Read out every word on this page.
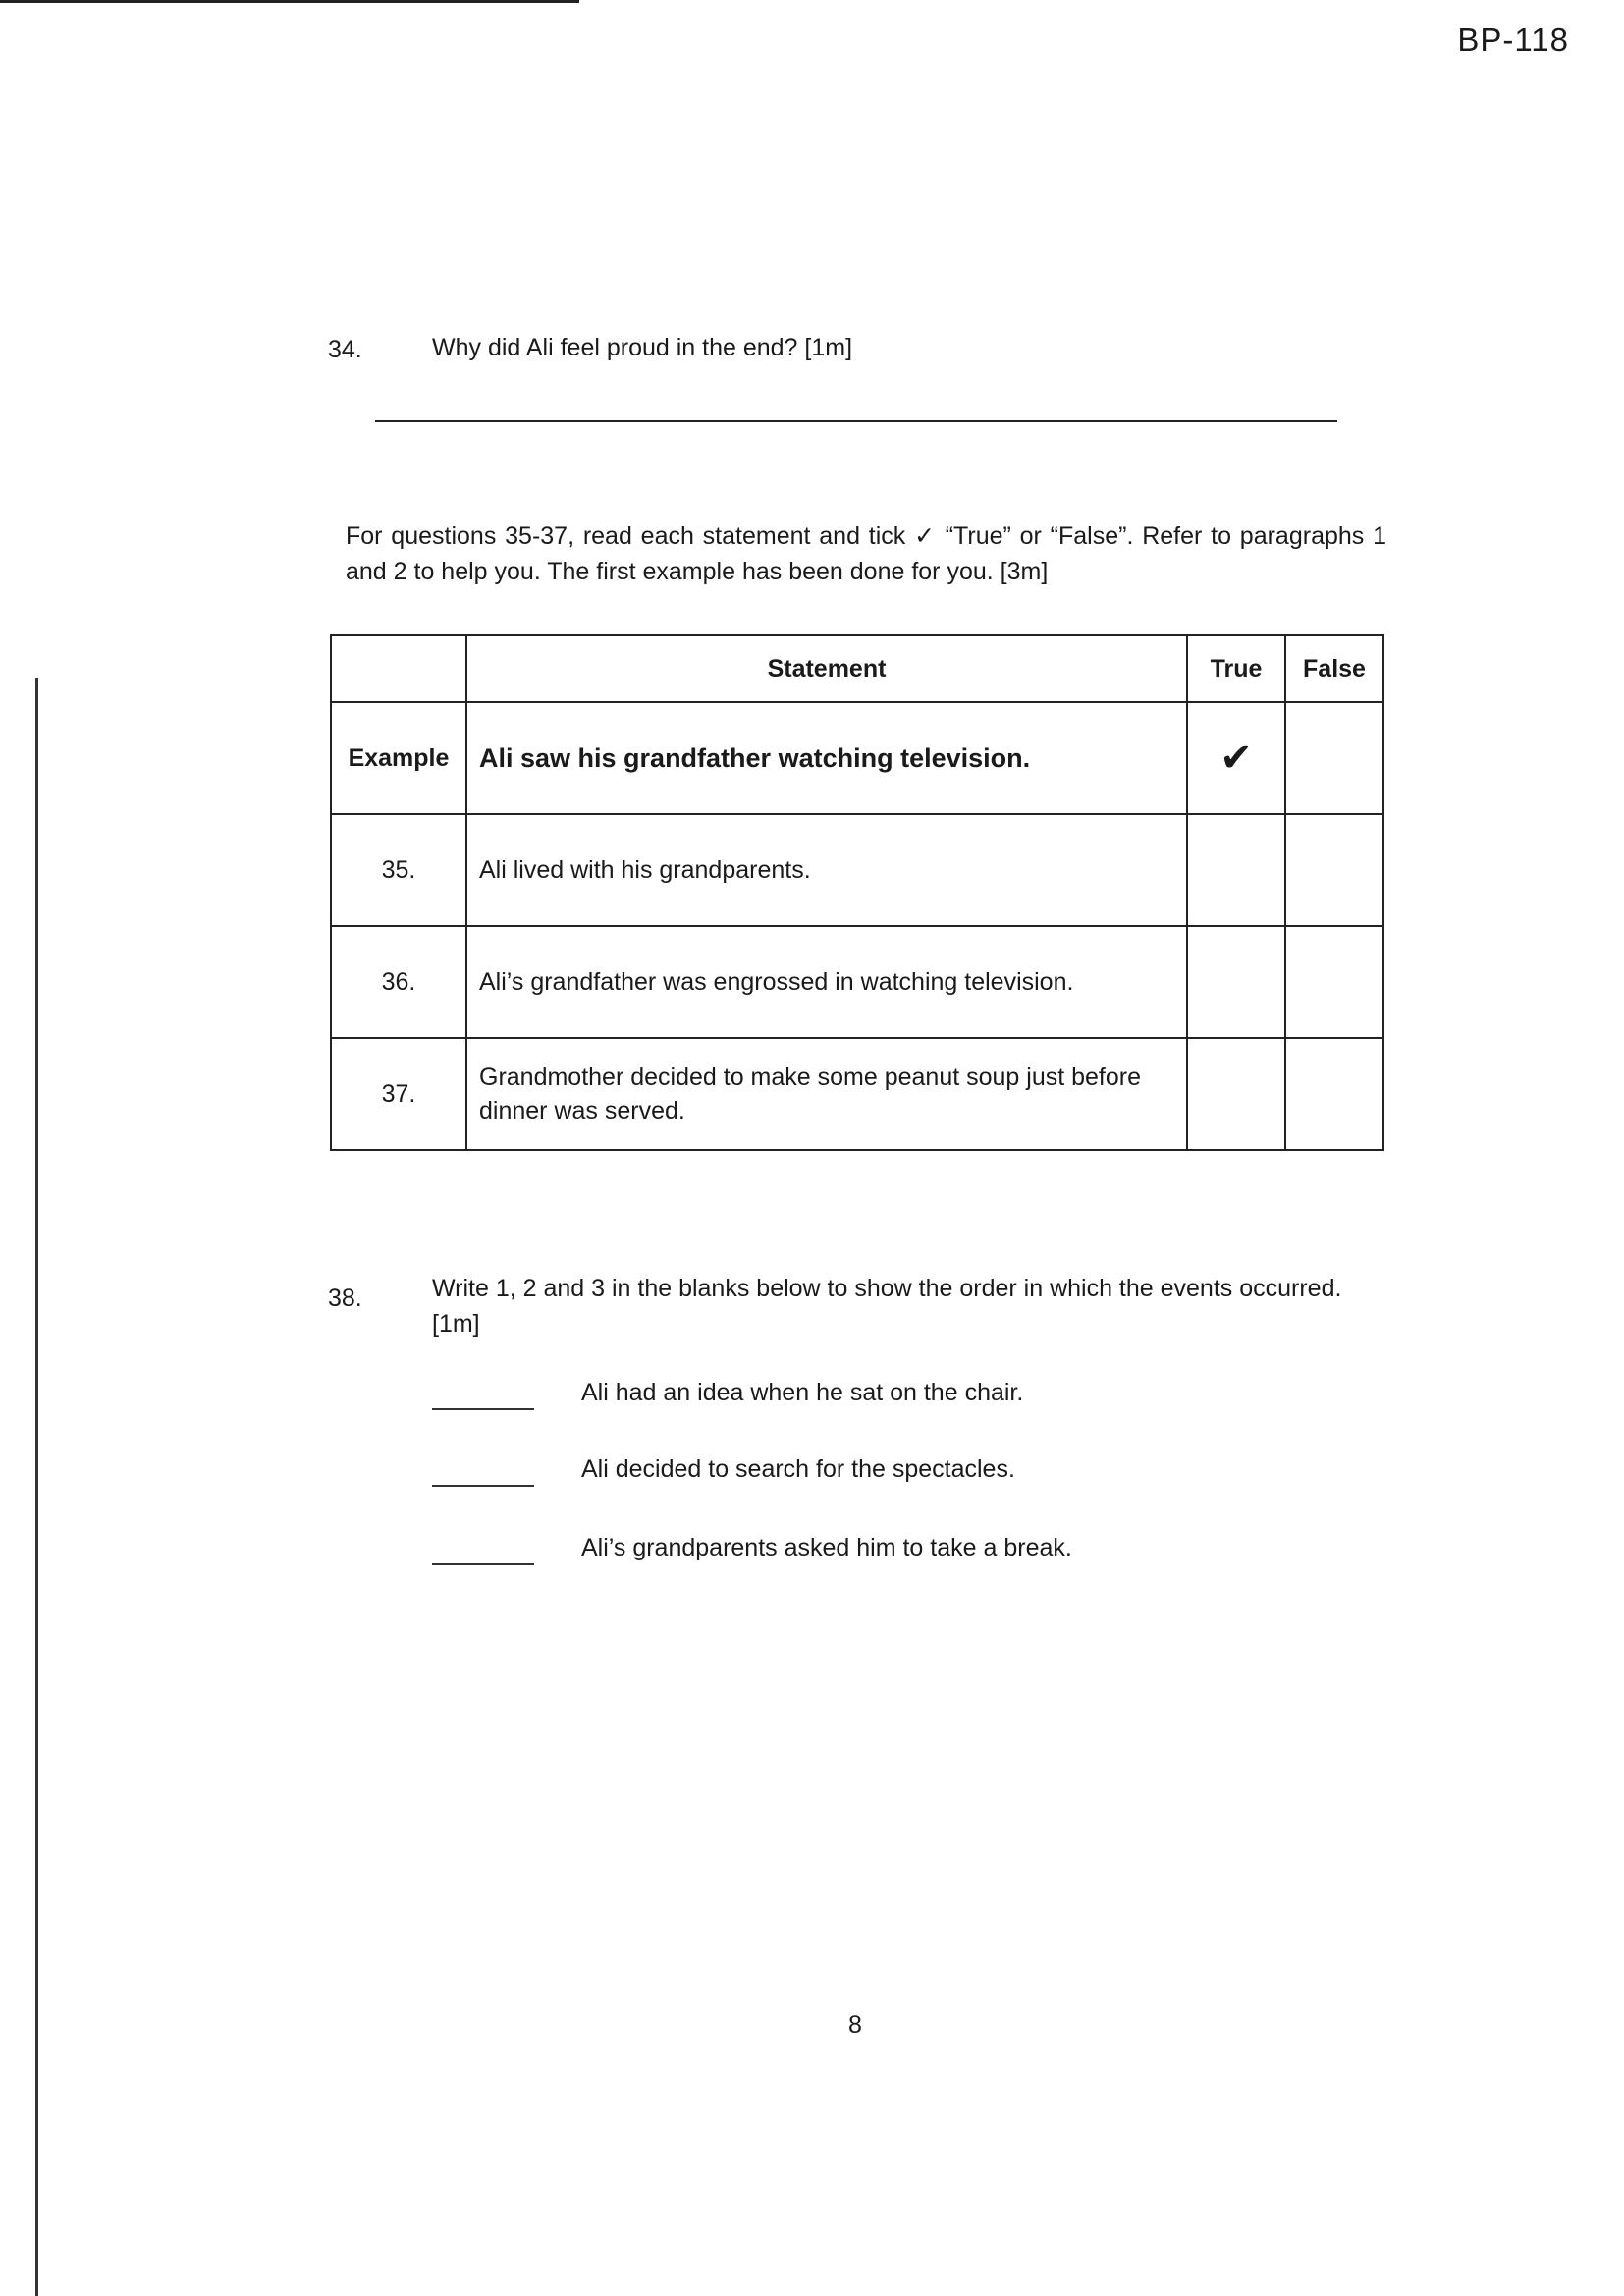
BP-118
34.	Why did Ali feel proud in the end? [1m]
For questions 35-37, read each statement and tick ✓ “True” or “False”. Refer to paragraphs 1 and 2 to help you. The first example has been done for you. [3m]
	Statement	True	False
Example	Ali saw his grandfather watching television.	✔	
35.	Ali lived with his grandparents.		
36.	Ali’s grandfather was engrossed in watching television.		
37.	Grandmother decided to make some peanut soup just before dinner was served.		
38.	Write 1, 2 and 3 in the blanks below to show the order in which the events occurred. [1m]
Ali had an idea when he sat on the chair.
Ali decided to search for the spectacles.
Ali’s grandparents asked him to take a break.
8
